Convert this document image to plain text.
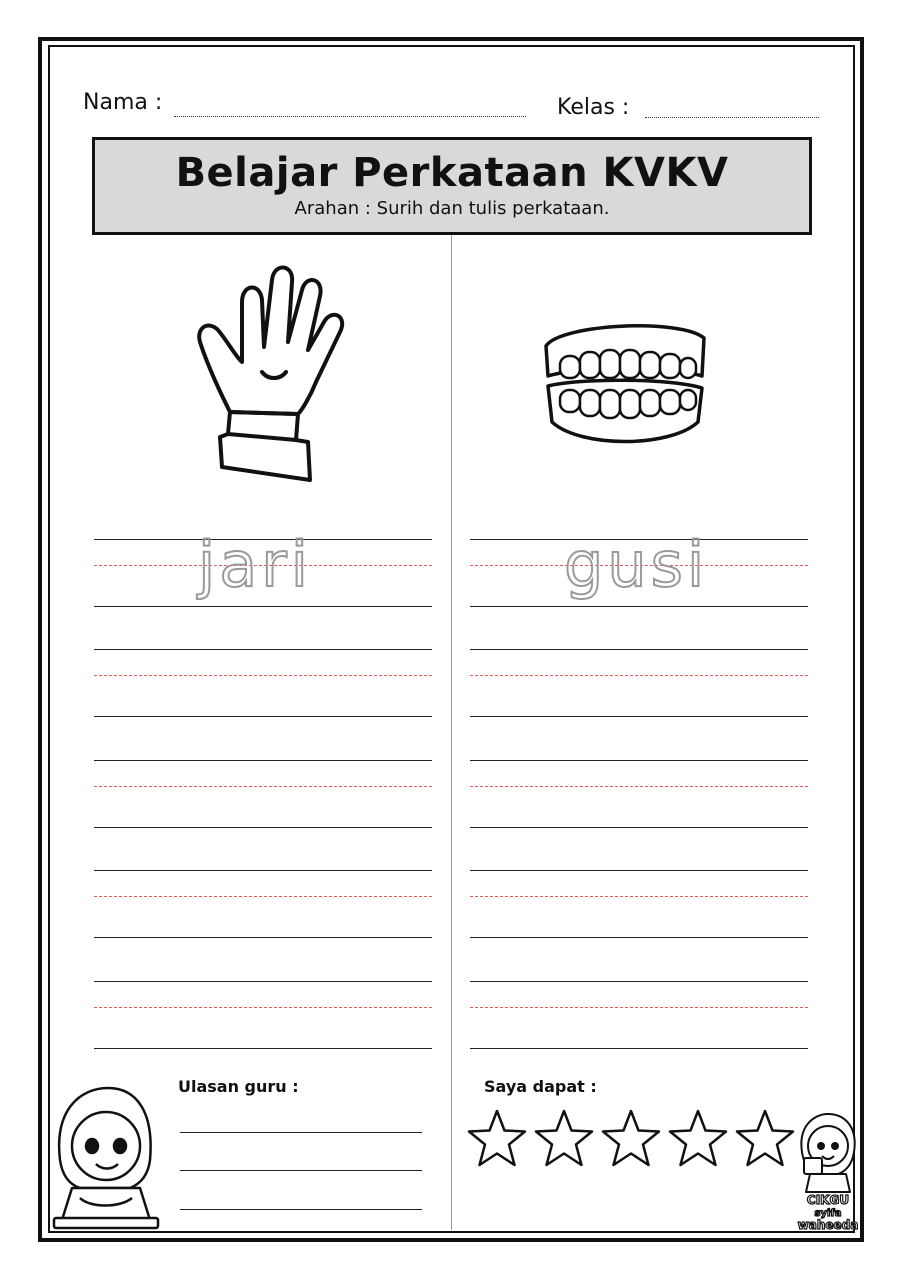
Nama :	Kelas :
Belajar Perkataan KVKV
Arahan : Surih dan tulis perkataan.
jari	gusi
Ulasan guru :	Saya dapat :
CIKGU
syifa
waheeda
